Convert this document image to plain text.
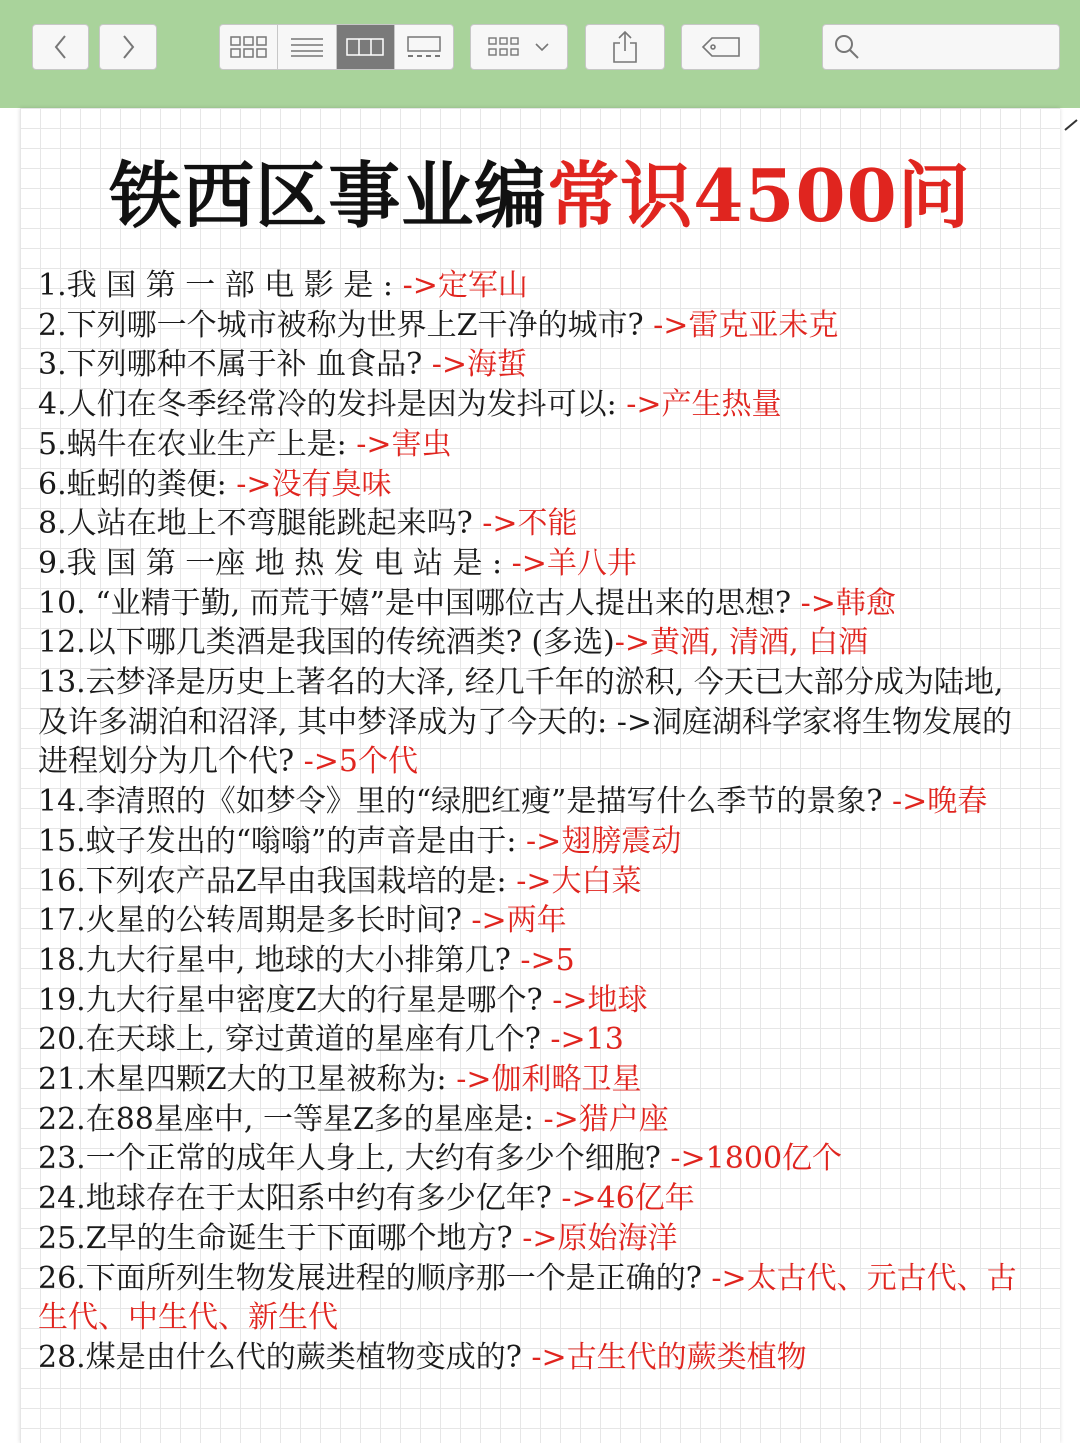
铁西区事业编常识4500问
1.我 国 第 一 部 电 影 是 : ->定军山
2.下列哪一个城市被称为世界上Z干净的城市? ->雷克亚未克
3.下列哪种不属于补 血食品? ->海蜇
4.人们在冬季经常冷的发抖是因为发抖可以: ->产生热量
5.蜗牛在农业生产上是: ->害虫
6.蚯蚓的粪便: ->没有臭味
8.人站在地上不弯腿能跳起来吗? ->不能
9.我 国 第 一座 地 热 发 电 站 是 : ->羊八井
10. “业精于勤, 而荒于嬉”是中国哪位古人提出来的思想? ->韩愈
12.以下哪几类酒是我国的传统酒类? (多选)->黄酒, 清酒, 白酒
13.云梦泽是历史上著名的大泽, 经几千年的淤积, 今天已大部分成为陆地, 及许多湖泊和沼泽, 其中梦泽成为了今天的: ->洞庭湖科学家将生物发展的进程划分为几个代? ->5个代
14.李清照的《如梦令》里的“绿肥红瘦”是描写什么季节的景象? ->晚春
15.蚊子发出的“嗡嗡”的声音是由于: ->翅膀震动
16.下列农产品Z早由我国栽培的是: ->大白菜
17.火星的公转周期是多长时间? ->两年
18.九大行星中, 地球的大小排第几? ->5
19.九大行星中密度Z大的行星是哪个? ->地球
20.在天球上, 穿过黄道的星座有几个? ->13
21.木星四颗Z大的卫星被称为: ->伽利略卫星
22.在88星座中, 一等星Z多的星座是: ->猎户座
23.一个正常的成年人身上, 大约有多少个细胞? ->1800亿个
24.地球存在于太阳系中约有多少亿年? ->46亿年
25.Z早的生命诞生于下面哪个地方? ->原始海洋
26.下面所列生物发展进程的顺序那一个是正确的? ->太古代、元古代、古生代、中生代、新生代
28.煤是由什么代的蕨类植物变成的? ->古生代的蕨类植物
